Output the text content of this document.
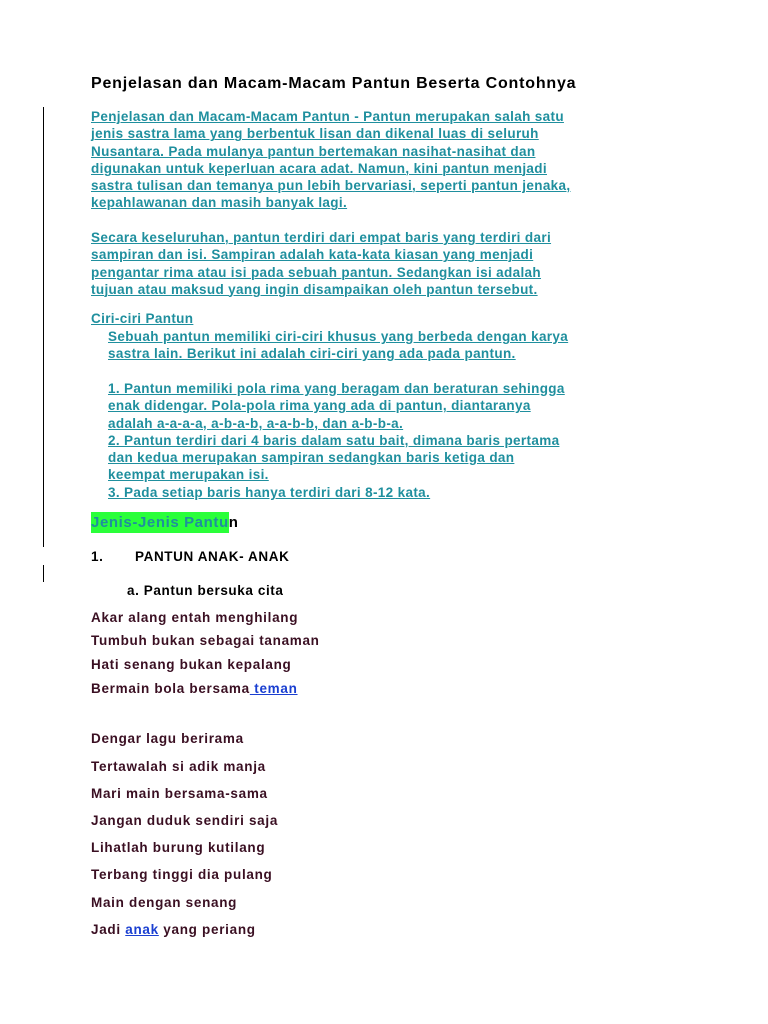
Penjelasan dan Macam-Macam Pantun Beserta Contohnya
Penjelasan dan Macam-Macam Pantun - Pantun merupakan salah satu
jenis sastra lama yang berbentuk lisan dan dikenal luas di seluruh
Nusantara. Pada mulanya pantun bertemakan nasihat-nasihat dan
digunakan untuk keperluan acara adat. Namun, kini pantun menjadi
sastra tulisan dan temanya pun lebih bervariasi, seperti pantun jenaka,
kepahlawanan dan masih banyak lagi.
Secara keseluruhan, pantun terdiri dari empat baris yang terdiri dari
sampiran dan isi. Sampiran adalah kata-kata kiasan yang menjadi
pengantar rima atau isi pada sebuah pantun. Sedangkan isi adalah
tujuan atau maksud yang ingin disampaikan oleh pantun tersebut.
Ciri-ciri Pantun
Sebuah pantun memiliki ciri-ciri khusus yang berbeda dengan karya
sastra lain. Berikut ini adalah ciri-ciri yang ada pada pantun.
1. Pantun memiliki pola rima yang beragam dan beraturan sehingga
enak didengar. Pola-pola rima yang ada di pantun, diantaranya
adalah a-a-a-a, a-b-a-b, a-a-b-b, dan a-b-b-a.
2. Pantun terdiri dari 4 baris dalam satu bait, dimana baris pertama
dan kedua merupakan sampiran sedangkan baris ketiga dan
keempat merupakan isi.
3. Pada setiap baris hanya terdiri dari 8-12 kata.
Jenis-Jenis Pantun
1. PANTUN ANAK- ANAK
a. Pantun bersuka cita
Akar alang entah menghilang
Tumbuh bukan sebagai tanaman
Hati senang bukan kepalang
Bermain bola bersama teman
Dengar lagu berirama
Tertawalah si adik manja
Mari main bersama-sama
Jangan duduk sendiri saja
Lihatlah burung kutilang
Terbang tinggi dia pulang
Main dengan senang
Jadi anak yang periang
